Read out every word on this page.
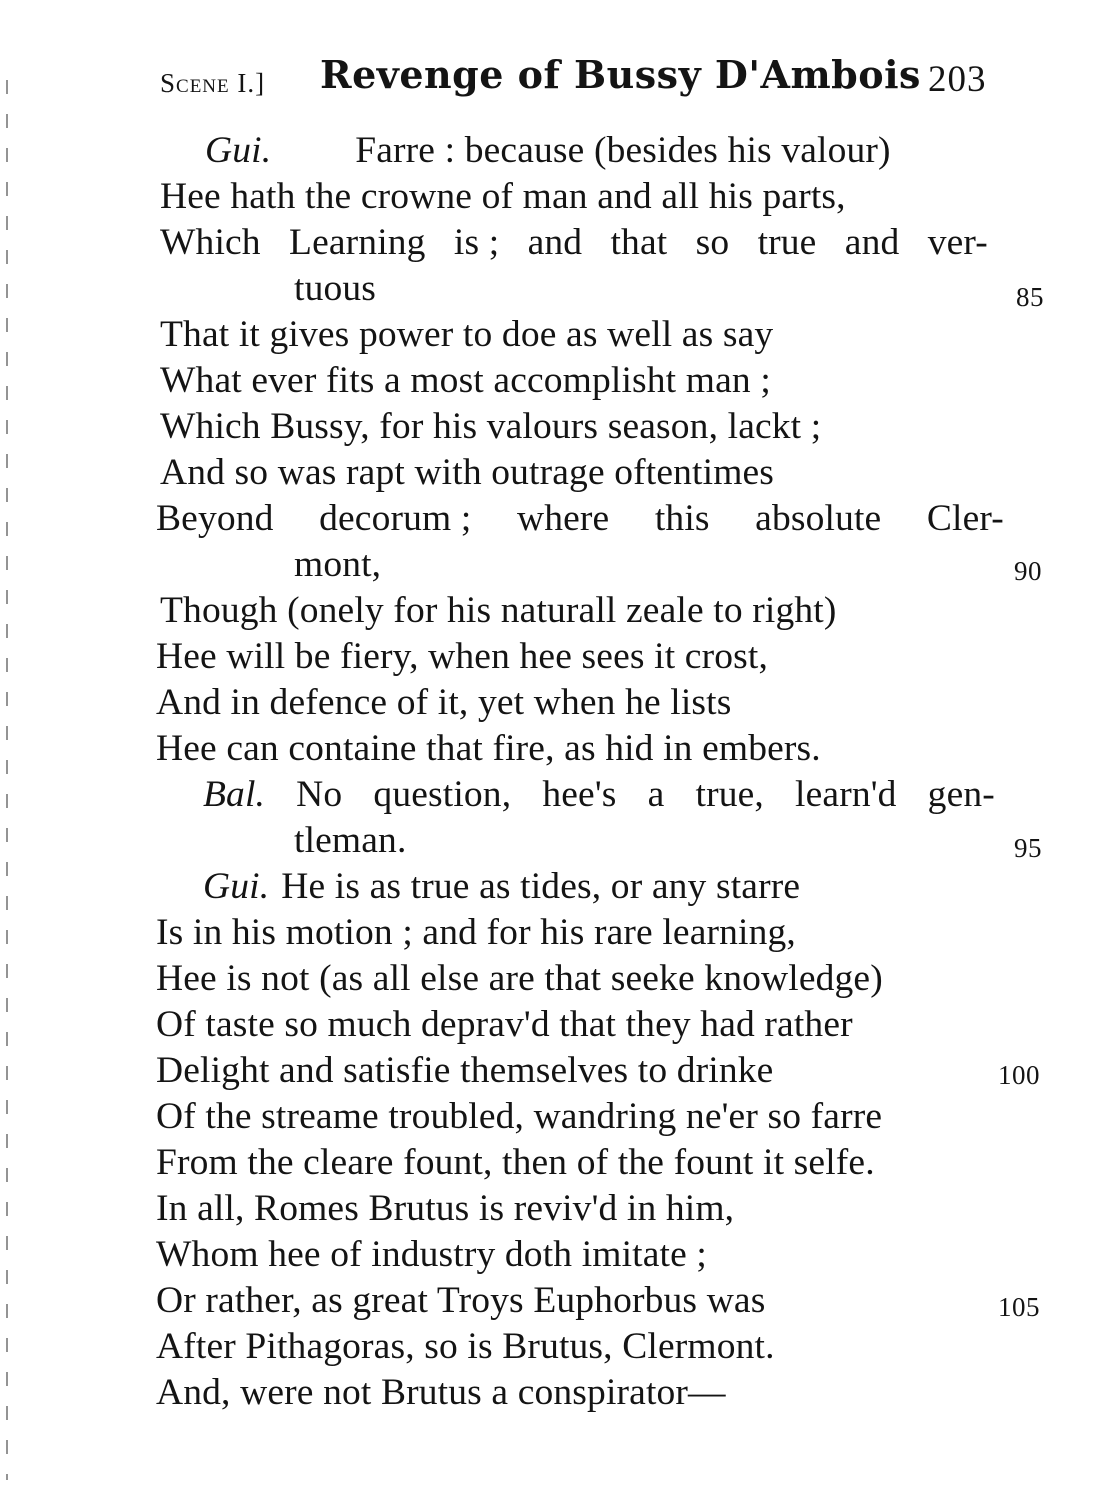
Scene I.] Revenge of Bussy D'Ambois 203
Gui. Farre : because (besides his valour)
Hee hath the crowne of man and all his parts,
Which Learning is ; and that so true and ver-
tuous	85
That it gives power to doe as well as say
What ever fits a most accomplisht man ;
Which Bussy, for his valours season, lackt ;
And so was rapt with outrage oftentimes
Beyond decorum ; where this absolute Cler-
mont,	90
Though (onely for his naturall zeale to right)
Hee will be fiery, when hee sees it crost,
And in defence of it, yet when he lists
Hee can containe that fire, as hid in embers.
Bal. No question, hee's a true, learn'd gen-
tleman.	95
Gui. He is as true as tides, or any starre
Is in his motion ; and for his rare learning,
Hee is not (as all else are that seeke knowledge)
Of taste so much deprav'd that they had rather
Delight and satisfie themselves to drinke	100
Of the streame troubled, wandring ne'er so farre
From the cleare fount, then of the fount it selfe.
In all, Romes Brutus is reviv'd in him,
Whom hee of industry doth imitate ;
Or rather, as great Troys Euphorbus was	105
After Pithagoras, so is Brutus, Clermont.
And, were not Brutus a conspirator—
